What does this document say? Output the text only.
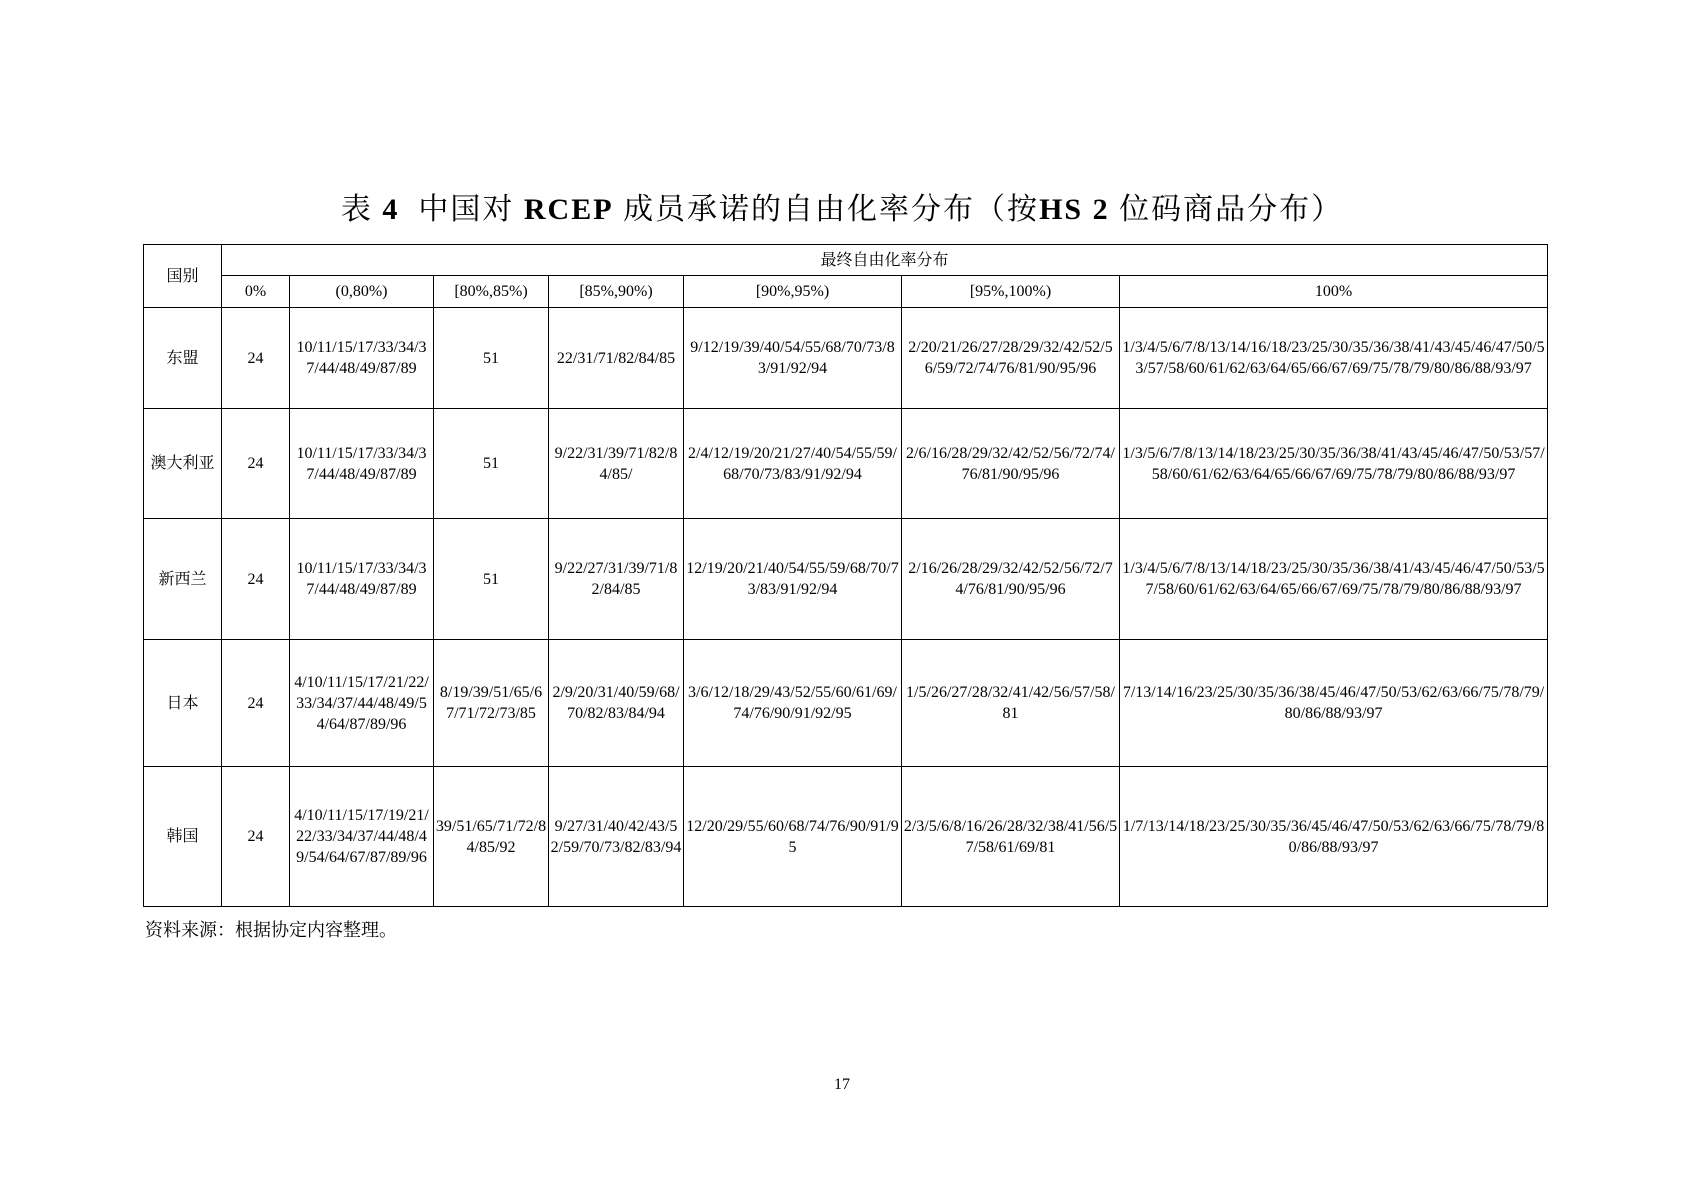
表 4 中国对 RCEP 成员承诺的自由化率分布（按HS 2 位码商品分布）
国别	最终自由化率分布						
	0%	(0,80%)	[80%,85%)	[85%,90%)	[90%,95%)	[95%,100%)	100%
东盟	24	10/11/15/17/33/34/37/44/48/49/87/89	51	22/31/71/82/84/85	9/12/19/39/40/54/55/68/70/73/83/91/92/94	2/20/21/26/27/28/29/32/42/52/56/59/72/74/76/81/90/95/96	1/3/4/5/6/7/8/13/14/16/18/23/25/30/35/36/38/41/43/45/46/47/50/53/57/58/60/61/62/63/64/65/66/67/69/75/78/79/80/86/88/93/97
澳大利亚	24	10/11/15/17/33/34/37/44/48/49/87/89	51	9/22/31/39/71/82/84/85/	2/4/12/19/20/21/27/40/54/55/59/68/70/73/83/91/92/94	2/6/16/28/29/32/42/52/56/72/74/76/81/90/95/96	1/3/5/6/7/8/13/14/18/23/25/30/35/36/38/41/43/45/46/47/50/53/57/58/60/61/62/63/64/65/66/67/69/75/78/79/80/86/88/93/97
新西兰	24	10/11/15/17/33/34/37/44/48/49/87/89	51	9/22/27/31/39/71/82/84/85	12/19/20/21/40/54/55/59/68/70/73/83/91/92/94	2/16/26/28/29/32/42/52/56/72/74/76/81/90/95/96	1/3/4/5/6/7/8/13/14/18/23/25/30/35/36/38/41/43/45/46/47/50/53/57/58/60/61/62/63/64/65/66/67/69/75/78/79/80/86/88/93/97
日本	24	4/10/11/15/17/21/22/33/34/37/44/48/49/54/64/87/89/96	8/19/39/51/65/67/71/72/73/85	2/9/20/31/40/59/68/70/82/83/84/94	3/6/12/18/29/43/52/55/60/61/69/74/76/90/91/92/95	1/5/26/27/28/32/41/42/56/57/58/81	7/13/14/16/23/25/30/35/36/38/45/46/47/50/53/62/63/66/75/78/79/80/86/88/93/97
韩国	24	4/10/11/15/17/19/21/22/33/34/37/44/48/49/54/64/67/87/89/96	39/51/65/71/72/84/85/92	9/27/31/40/42/43/52/59/70/73/82/83/94	12/20/29/55/60/68/74/76/90/91/95	2/3/5/6/8/16/26/28/32/38/41/56/57/58/61/69/81	1/7/13/14/18/23/25/30/35/36/45/46/47/50/53/62/63/66/75/78/79/80/86/88/93/97
资料来源：根据协定内容整理。
17
